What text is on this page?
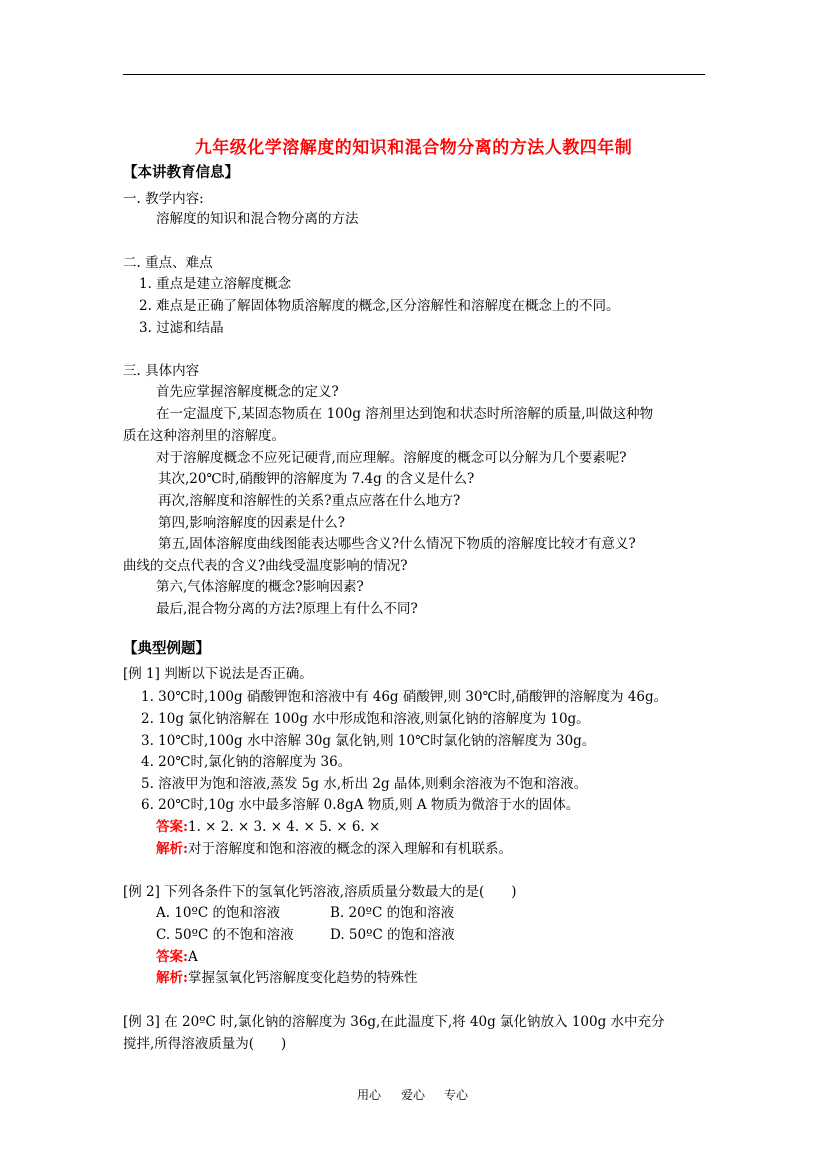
九年级化学溶解度的知识和混合物分离的方法人教四年制
【本讲教育信息】
一. 教学内容:
溶解度的知识和混合物分离的方法
二. 重点、难点
1. 重点是建立溶解度概念
2. 难点是正确了解固体物质溶解度的概念,区分溶解性和溶解度在概念上的不同。
3. 过滤和结晶
三. 具体内容
首先应掌握溶解度概念的定义?
在一定温度下,某固态物质在 100g 溶剂里达到饱和状态时所溶解的质量,叫做这种物
质在这种溶剂里的溶解度。
对于溶解度概念不应死记硬背,而应理解。溶解度的概念可以分解为几个要素呢?
其次,20℃时,硝酸钾的溶解度为 7.4g 的含义是什么?
再次,溶解度和溶解性的关系?重点应落在什么地方?
第四,影响溶解度的因素是什么?
第五,固体溶解度曲线图能表达哪些含义?什么情况下物质的溶解度比较才有意义?
曲线的交点代表的含义?曲线受温度影响的情况?
第六,气体溶解度的概念?影响因素?
最后,混合物分离的方法?原理上有什么不同?
【典型例题】
[例 1] 判断以下说法是否正确。
1. 30℃时,100g 硝酸钾饱和溶液中有 46g 硝酸钾,则 30℃时,硝酸钾的溶解度为 46g。
2. 10g 氯化钠溶解在 100g 水中形成饱和溶液,则氯化钠的溶解度为 10g。
3. 10℃时,100g 水中溶解 30g 氯化钠,则 10℃时氯化钠的溶解度为 30g。
4. 20℃时,氯化钠的溶解度为 36。
5. 溶液甲为饱和溶液,蒸发 5g 水,析出 2g 晶体,则剩余溶液为不饱和溶液。
6. 20℃时,10g 水中最多溶解 0.8gA 物质,则 A 物质为微溶于水的固体。
答案:1. × 2. × 3. × 4. × 5. × 6. ×
解析:对于溶解度和饱和溶液的概念的深入理解和有机联系。
[例 2] 下列各条件下的氢氧化钙溶液,溶质质量分数最大的是(　　)
A. 10ºC 的饱和溶液	B. 20ºC 的饱和溶液
C. 50ºC 的不饱和溶液	D. 50ºC 的饱和溶液
答案:A
解析:掌握氢氧化钙溶解度变化趋势的特殊性
[例 3] 在 20ºC 时,氯化钠的溶解度为 36g,在此温度下,将 40g 氯化钠放入 100g 水中充分
搅拌,所得溶液质量为(　　)
用心 爱心 专心
